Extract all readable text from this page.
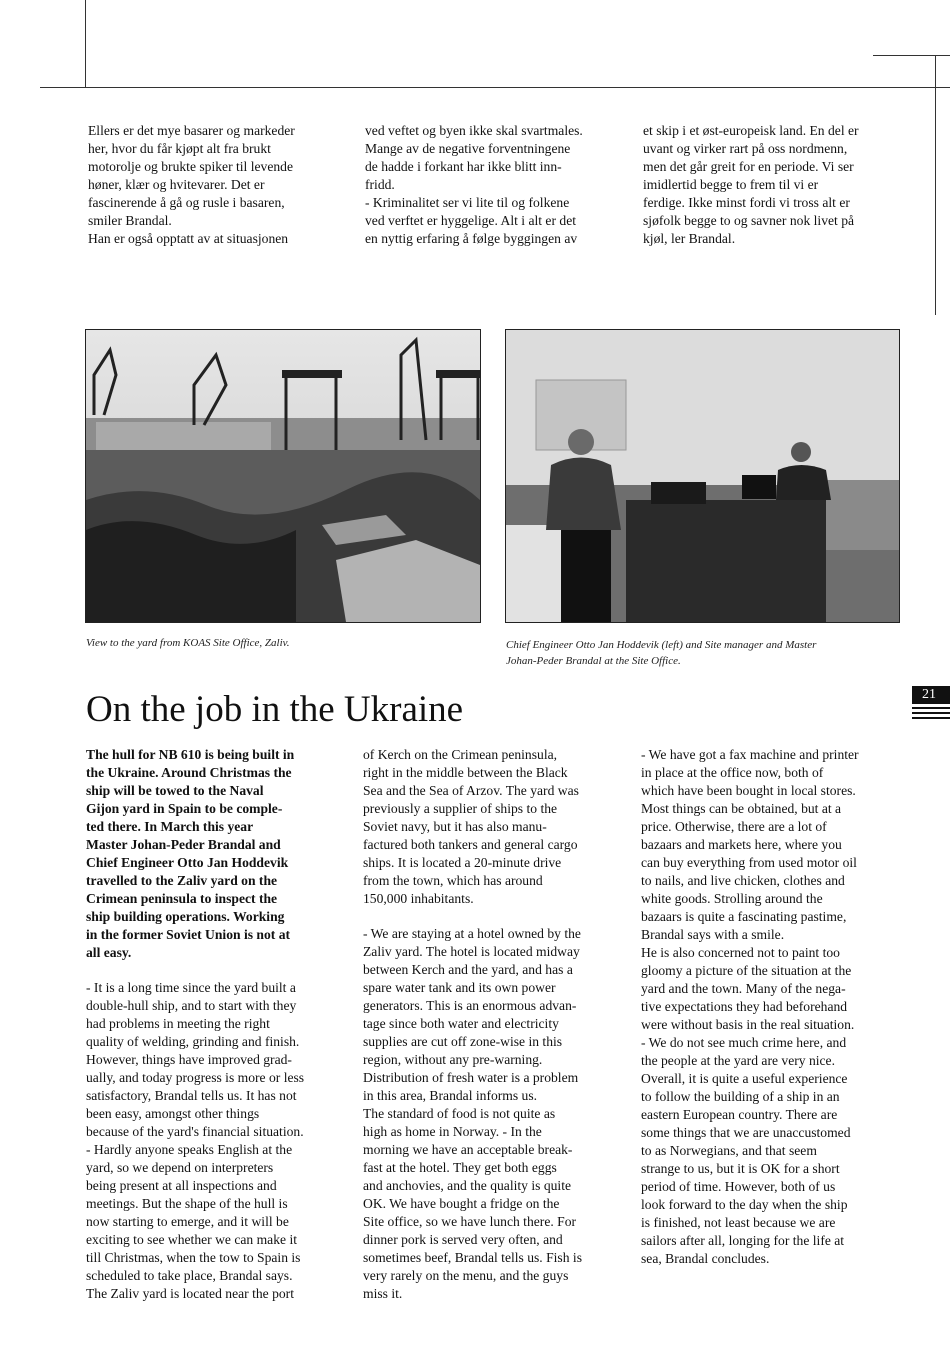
Ellers er det mye basarer og markeder

her, hvor du får kjøpt alt fra brukt

motorolje og brukte spiker til levende

høner, klær og hvitevarer. Det er

fascinerende å gå og rusle i basaren,

smiler Brandal.

Han er også opptatt av at situasjonen

ved veftet og byen ikke skal svartmales.

Mange av de negative forventningene

de hadde i forkant har ikke blitt inn-

fridd.

- Kriminalitet ser vi lite til og folkene

ved verftet er hyggelige. Alt i alt er det

en nyttig erfaring å følge byggingen av

et skip i et øst-europeisk land. En del er

uvant og virker rart på oss nordmenn,

men det går greit for en periode. Vi ser

imidlertid begge to frem til vi er

ferdige. Ikke minst fordi vi tross alt er

sjøfolk begge to og savner nok livet på

kjøl, ler Brandal.

View to the yard from KOAS Site Office, Zaliv.	Chief Engineer Otto Jan Hoddevik (left) and Site manager and Master
Johan-Peder Brandal at the Site Office.
21
On the job in the Ukraine

The hull for NB 610 is being built in

the Ukraine. Around Christmas the

ship will be towed to the Naval

Gijon yard in Spain to be comple-

ted there. In March this year

Master Johan-Peder Brandal and

Chief Engineer Otto Jan Hoddevik

travelled to the Zaliv yard on the

Crimean peninsula to inspect the

ship building operations. Working

in the former Soviet Union is not at

all easy.

- It is a long time since the yard built a

double-hull ship, and to start with they

had problems in meeting the right

quality of welding, grinding and finish.

However, things have improved grad-

ually, and today progress is more or less

satisfactory, Brandal tells us. It has not

been easy, amongst other things

because of the yard's financial situation.

- Hardly anyone speaks English at the

yard, so we depend on interpreters

being present at all inspections and

meetings. But the shape of the hull is

now starting to emerge, and it will be

exciting to see whether we can make it

till Christmas, when the tow to Spain is

scheduled to take place, Brandal says.

The Zaliv yard is located near the port

of Kerch on the Crimean peninsula,

right in the middle between the Black

Sea and the Sea of Arzov. The yard was

previously a supplier of ships to the

Soviet navy, but it has also manu-

factured both tankers and general cargo

ships. It is located a 20-minute drive

from the town, which has around

150,000 inhabitants.

- We are staying at a hotel owned by the

Zaliv yard. The hotel is located midway

between Kerch and the yard, and has a

spare water tank and its own power

generators. This is an enormous advan-

tage since both water and electricity

supplies are cut off zone-wise in this

region, without any pre-warning.

Distribution of fresh water is a problem

in this area, Brandal informs us.

The standard of food is not quite as

high as home in Norway. - In the

morning we have an acceptable break-

fast at the hotel. They get both eggs

and anchovies, and the quality is quite

OK. We have bought a fridge on the

Site office, so we have lunch there. For

dinner pork is served very often, and

sometimes beef, Brandal tells us. Fish is

very rarely on the menu, and the guys

miss it.

- We have got a fax machine and printer

in place at the office now, both of

which have been bought in local stores.

Most things can be obtained, but at a

price. Otherwise, there are a lot of

bazaars and markets here, where you

can buy everything from used motor oil

to nails, and live chicken, clothes and

white goods. Strolling around the

bazaars is quite a fascinating pastime,

Brandal says with a smile.

He is also concerned not to paint too

gloomy a picture of the situation at the

yard and the town. Many of the nega-

tive expectations they had beforehand

were without basis in the real situation.

- We do not see much crime here, and

the people at the yard are very nice.

Overall, it is quite a useful experience

to follow the building of a ship in an

eastern European country. There are

some things that we are unaccustomed

to as Norwegians, and that seem

strange to us, but it is OK for a short

period of time. However, both of us

look forward to the day when the ship

is finished, not least because we are

sailors after all, longing for the life at

sea, Brandal concludes.
